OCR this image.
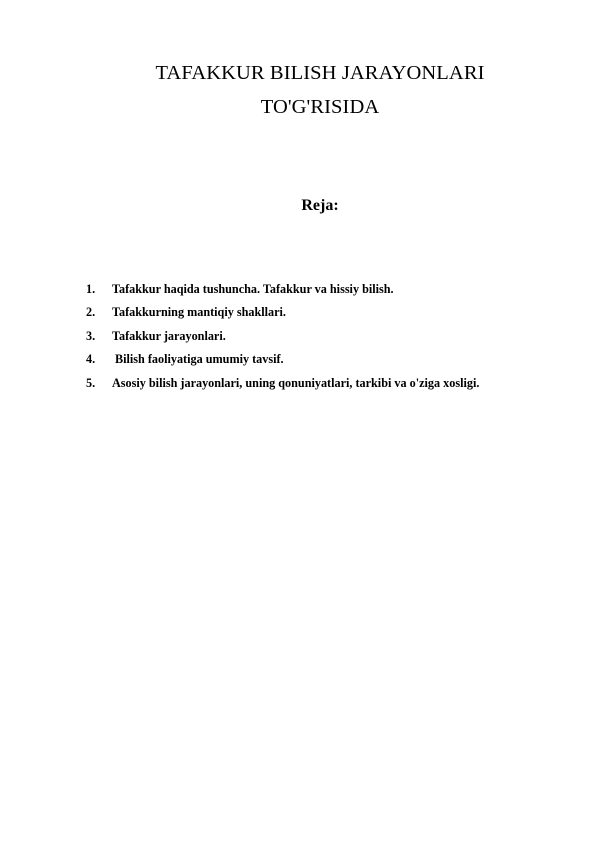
TAFAKKUR BILISH JARAYONLARI
TO'G'RISIDA
Reja:
1. Tafakkur haqida tushuncha. Tafakkur va hissiy bilish.
2. Tafakkurning mantiqiy shakllari.
3. Tafakkur jarayonlari.
4. Bilish faoliyatiga umumiy tavsif.
5. Asosiy bilish jarayonlari, uning qonuniyatlari, tarkibi va o'ziga xosligi.
